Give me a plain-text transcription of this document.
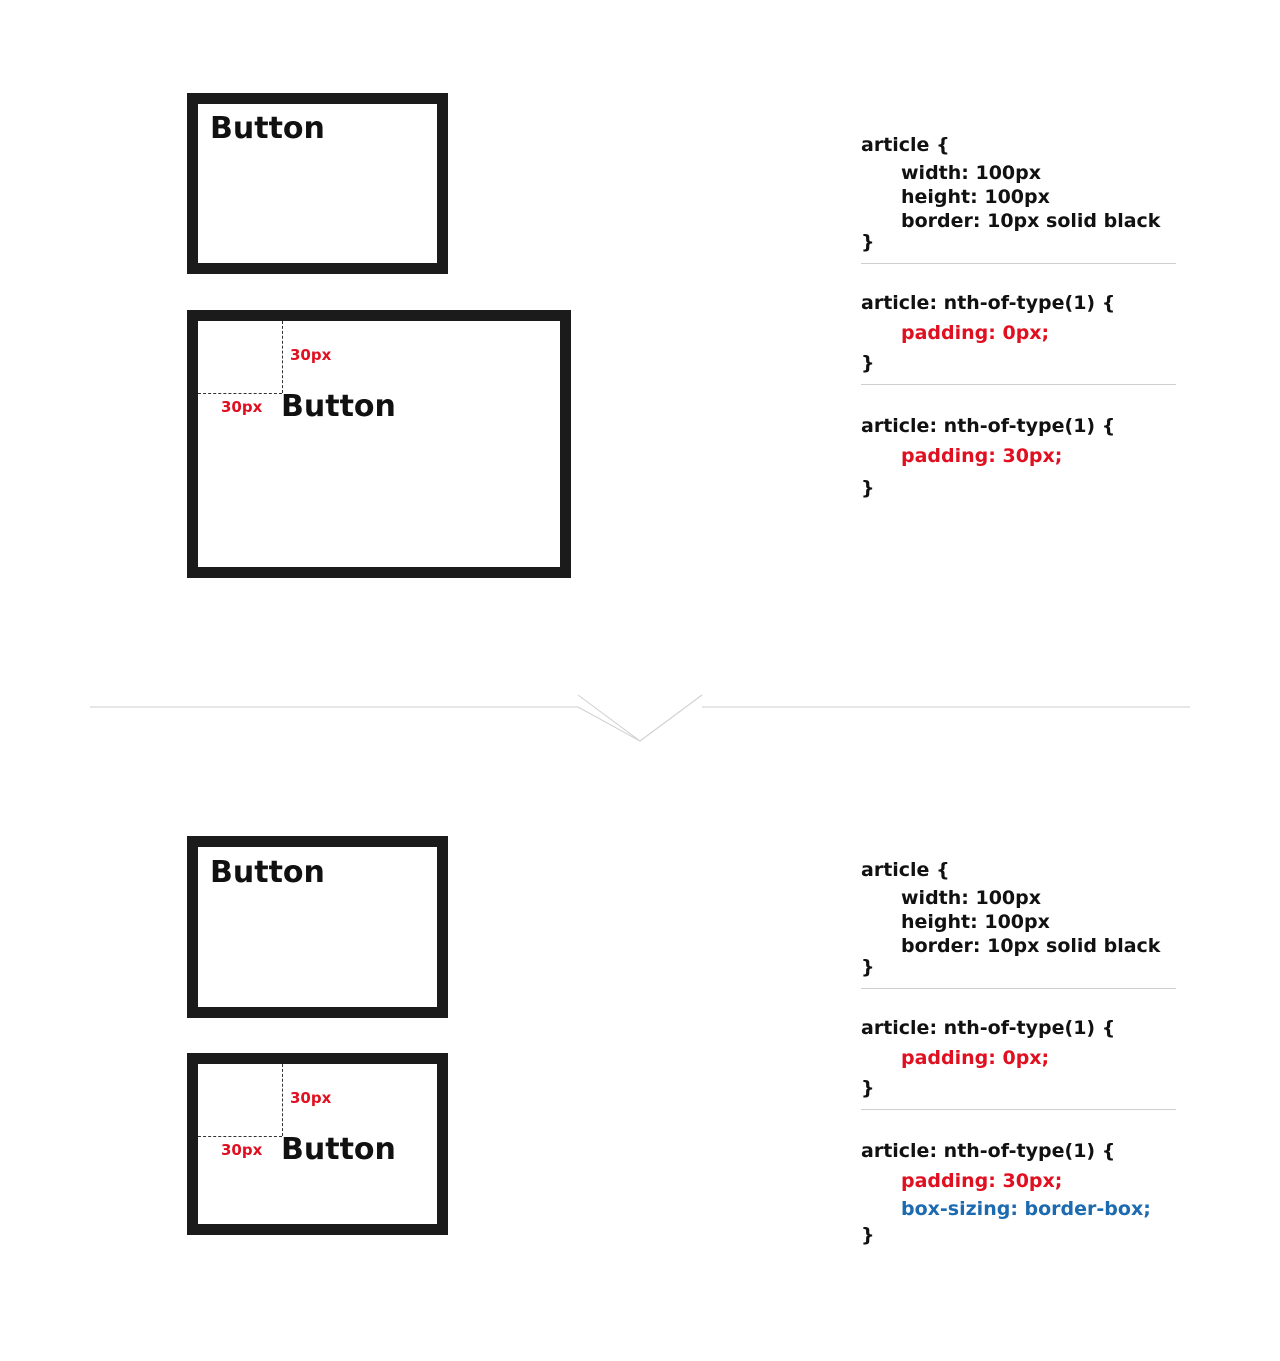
Button
30px
30px Button
article {
width: 100px
height: 100px
border: 10px solid black
}
article: nth-of-type(1) {
padding: 0px;
}
article: nth-of-type(1) {
padding: 30px;
}
Button
30px
30px Button
article {
width: 100px
height: 100px
border: 10px solid black
}
article: nth-of-type(1) {
padding: 0px;
}
article: nth-of-type(1) {
padding: 30px;
box-sizing: border-box;
}
